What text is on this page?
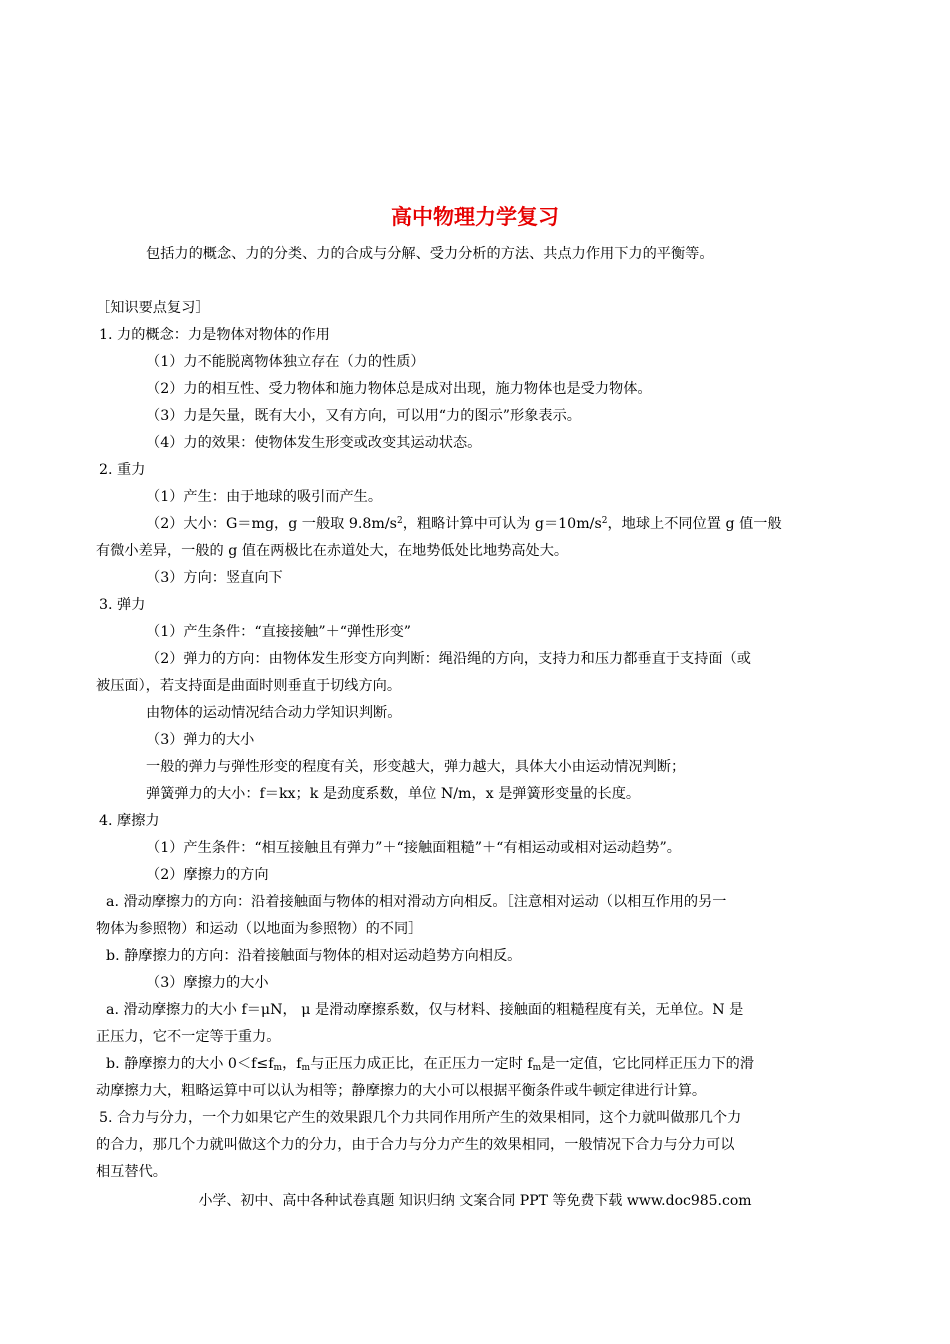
高中物理力学复习

包括力的概念、力的分类、力的合成与分解、受力分析的方法、共点力作用下力的平衡等。

［知识要点复习］

1. 力的概念：力是物体对物体的作用

（1）力不能脱离物体独立存在（力的性质）

（2）力的相互性、受力物体和施力物体总是成对出现，施力物体也是受力物体。

（3）力是矢量，既有大小，又有方向，可以用“力的图示”形象表示。

（4）力的效果：使物体发生形变或改变其运动状态。

2. 重力

（1）产生：由于地球的吸引而产生。

（2）大小：G＝mg，g 一般取 $9.8m/s^2$，粗略计算中可认为 $g=10m/s^2$，地球上不同位置 g 值一般

有微小差异，一般的 g 值在两极比在赤道处大，在地势低处比地势高处大。

（3）方向：竖直向下

3. 弹力

（1）产生条件：“直接接触”＋“弹性形变”

（2）弹力的方向：由物体发生形变方向判断：绳沿绳的方向，支持力和压力都垂直于支持面（或

被压面），若支持面是曲面时则垂直于切线方向。

由物体的运动情况结合动力学知识判断。

（3）弹力的大小

一般的弹力与弹性形变的程度有关，形变越大，弹力越大，具体大小由运动情况判断；

弹簧弹力的大小：f＝kx；k 是劲度系数，单位 N/m，x 是弹簧形变量的长度。

4. 摩擦力

（1）产生条件：“相互接触且有弹力”＋“接触面粗糙”＋“有相运动或相对运动趋势”。

（2）摩擦力的方向

a. 滑动摩擦力的方向：沿着接触面与物体的相对滑动方向相反。［注意相对运动（以相互作用的另一

物体为参照物）和运动（以地面为参照物）的不同］

b. 静摩擦力的方向：沿着接触面与物体的相对运动趋势方向相反。

（3）摩擦力的大小

a. 滑动摩擦力的大小 f＝μN， μ 是滑动摩擦系数，仅与材料、接触面的粗糙程度有关，无单位。N 是

正压力，它不一定等于重力。

b. 静摩擦力的大小 $0<f\le f_m$，$f_m$与正压力成正比，在正压力一定时 $f_m$是一定值，它比同样正压力下的滑

动摩擦力大，粗略运算中可以认为相等；静摩擦力的大小可以根据平衡条件或牛顿定律进行计算。

5. 合力与分力，一个力如果它产生的效果跟几个力共同作用所产生的效果相同，这个力就叫做那几个力

的合力，那几个力就叫做这个力的分力，由于合力与分力产生的效果相同，一般情况下合力与分力可以

相互替代。

小学、初中、高中各种试卷真题 知识归纳 文案合同 PPT 等免费下载 www.doc985.com
